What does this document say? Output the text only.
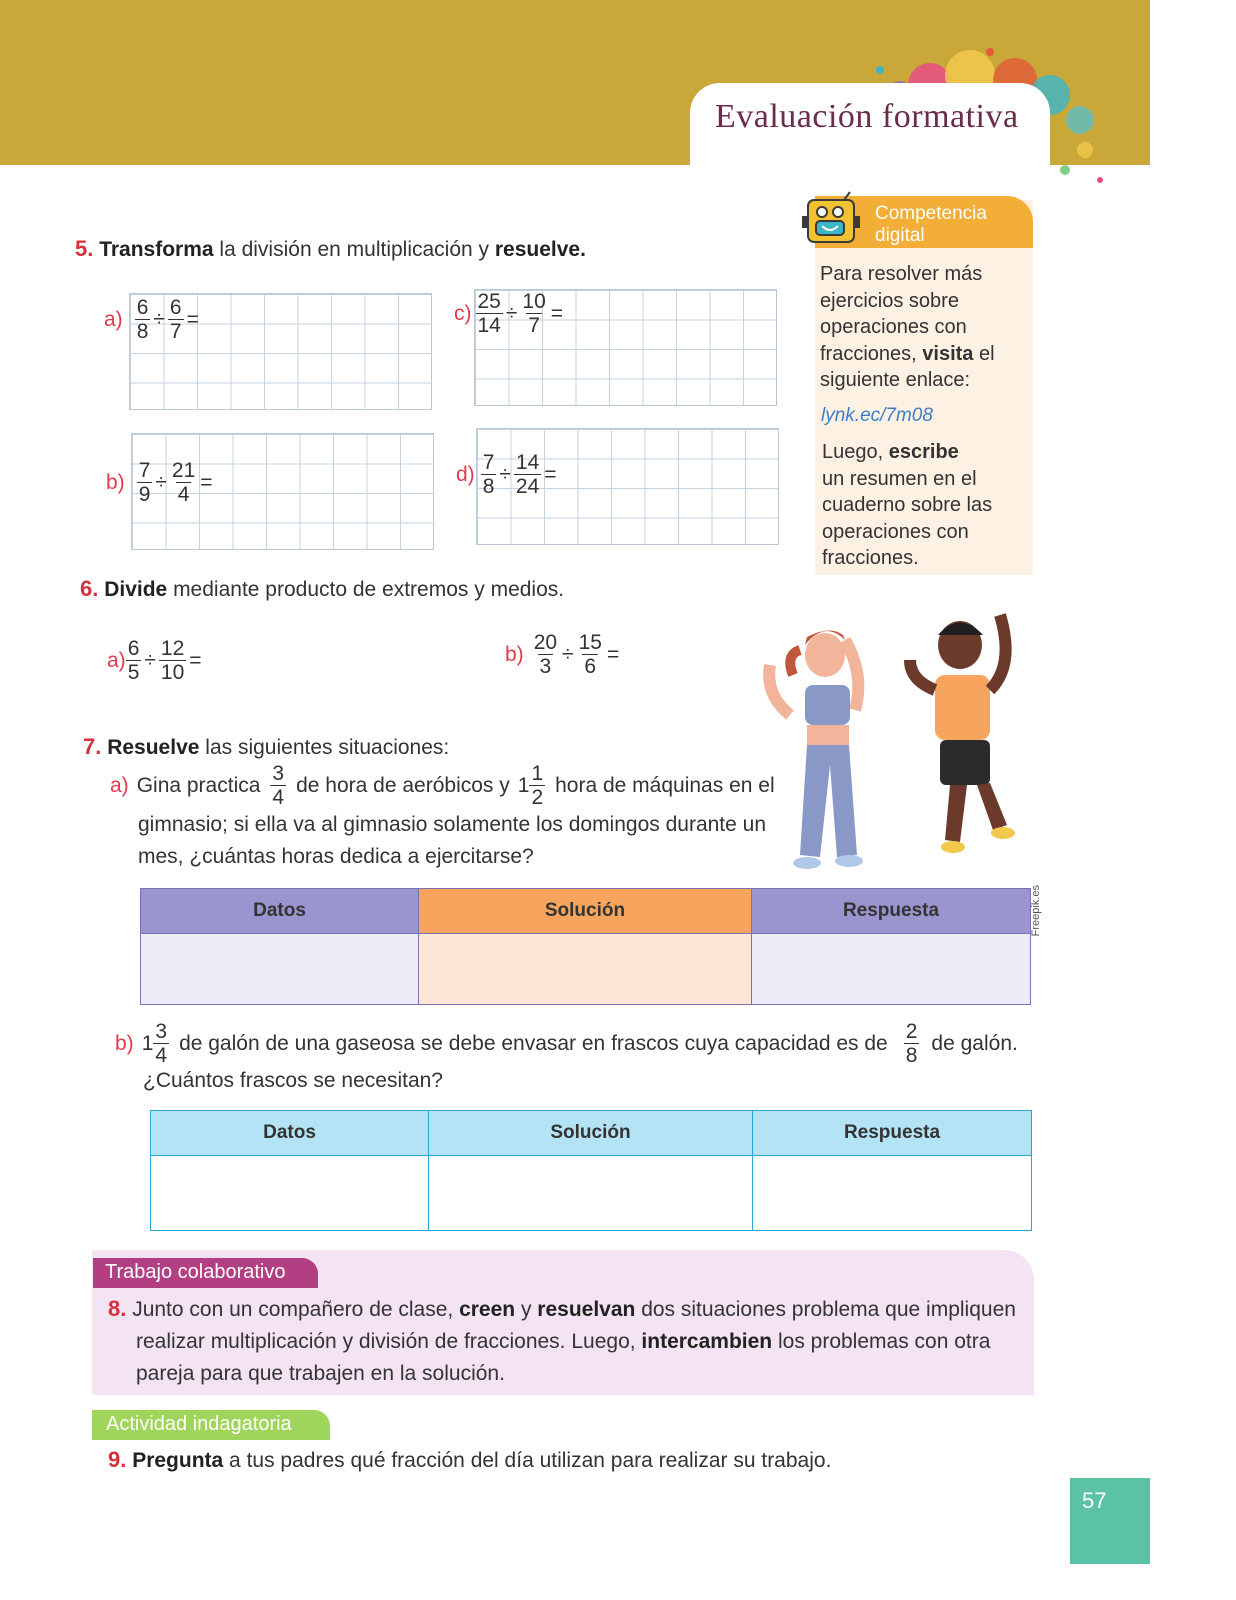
Evaluación formativa
5. Transforma la división en multiplicación y resuelve.
$a) \frac{6}{8} \div \frac{6}{7}$ =
$b) \frac{7}{9} \div \frac{21}{4}$ =
$c) \frac{25}{14} \div \frac{10}{7}$ =
$d) \frac{7}{8} \div \frac{14}{24}$ =
Competencia
digital
Para resolver más
ejercicios sobre
operaciones con
fracciones, visita el
siguiente enlace:
lynk.ec/7m08
Luego, escribe
un resumen en el
cuaderno sobre las
operaciones con
fracciones.
6. Divide mediante producto de extremos y medios.
$a) \frac{6}{5} \div \frac{12}{10}$ =	$b) \frac{20}{3} \div \frac{15}{6}$ =
7. Resuelve las siguientes situaciones:
a) Gina practica $\frac{3}{4}$ de hora de aeróbicos y $1 \frac{1}{2}$ hora de máquinas en el
gimnasio; si ella va al gimnasio solamente los domingos durante un
mes, ¿cuántas horas dedica a ejercitarse?
Freepik.es
Datos	Solución	Respuesta

b) $1 \frac{3}{4}$ de galón de una gaseosa se debe envasar en frascos cuya capacidad es de $\frac{2}{8}$ de galón.
¿Cuántos frascos se necesitan?
Datos	Solución	Respuesta

Trabajo colaborativo
8. Junto con un compañero de clase, creen y resuelvan dos situaciones problema que impliquen
realizar multiplicación y división de fracciones. Luego, intercambien los problemas con otra
pareja para que trabajen en la solución.
Actividad indagatoria
9. Pregunta a tus padres qué fracción del día utilizan para realizar su trabajo.
57
